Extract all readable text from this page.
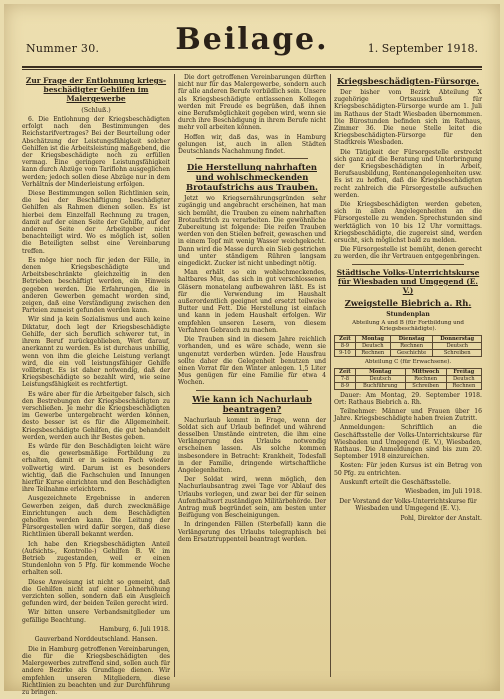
Nummer 30.	Beilage.	1. September 1918.
Zur Frage der Entlohnung kriegs-beschädigter Gehilfen im Malergewerbe
(Schluß.)

6. Die Entlohnung der Kriegsbeschädigten erfolgt nach den Bestimmungen des Reichstarifvertrages? Bei der Beurteilung oder Abschätzung der Leistungsfähigkeit solcher Gehilfen ist die Arbeitsleistung maßgebend, die der Kriegsbeschädigte noch zu erfüllen vermag. Eine geringere Leistungsfähigkeit kann durch Abzüge vom Tariflohn ausgeglichen werden; jedoch sollen diese Abzüge nur in dem Verhältnis der Minderleistung erfolgen.

Diese Bestimmungen sollen Richtlinien sein, die bei der Beschäftigung beschädigter Gehilfen als Rahmen dienen sollen. Es ist hierbei dem Einzelfall Rechnung zu tragen, damit auf der einen Seite der Gehilfe, auf der anderen Seite der Arbeitgeber nicht benachteiligt wird. Wo es möglich ist, sollen die Beteiligten selbst eine Vereinbarung treffen.

Es möge hier noch für jeden der Fälle, in denen Kriegsbeschädigte und Arbeitsbeschränkte gleichzeitig in den Betrieben beschäftigt werden, ein Hinweis gegeben werden. Die Erfahrungen, die in anderen Gewerben gemacht worden sind, zeigen, daß eine Verständigung zwischen den Parteien zumeist gefunden werden kann.

Wir sind ja kein Sozialismus und auch keine Diktatur, doch legt der Kriegsbeschädigte Gehilfe, der sich beruflich schwerer tut, in ihrem Beruf zurückgeblieben, Wert darauf, anerkannt zu werden. Es ist durchaus unbillig, wenn von ihm die gleiche Leistung verlangt wird, die ein voll leistungsfähiger Gehilfe vollbringt. Es ist daher notwendig, daß der Kriegsbeschädigte so bezahlt wird, wie seine Leistungsfähigkeit es rechtfertigt.

Es wäre aber für die Arbeitgeber falsch, sich den Bestrebungen der Kriegsbeschädigten zu verschließen. Je mehr die Kriegsbeschädigten im Gewerbe untergebracht werden können, desto besser ist es für die Allgemeinheit. Kriegsbeschädigte Gehilfen, die gut behandelt werden, werden auch ihr Bestes geben.

Es würde für den Beschädigten leicht wäre es, die gewerbsmäßige Fortbildung zu erhalten, damit er in seinem Fach wieder vollwertig wird. Darum ist es besonders wichtig, daß die Fachschulen und Innungen hierfür Kurse einrichten und den Beschädigten ihre Teilnahme erleichtern.

Ausgezeichnete Ergebnisse in anderen Gewerben zeigen, daß durch zweckmäßige Einrichtungen auch dem Beschädigten geholfen werden kann. Die Leitung der Fürsorgestellen wird dafür sorgen, daß diese Richtlinien überall bekannt werden.

Ich habe den Kriegsbeschädigten Anteil (Aufsichts-, Kontrolle-) Gehilfen B. W. im Betrieb zugestanden, weil er einen Stundenlohn von 5 Pfg. für kommende Woche erhalten soll.

Diese Anweisung ist nicht so gemeint, daß die Gehilfen nicht auf einer Lohnerhöhung verzichten sollen, sondern daß ein Ausgleich gefunden wird, der beiden Teilen gerecht wird.

Wir bitten unsere Verbandsmitglieder um gefällige Beachtung.

Hamburg, 6. Juli 1918.
Gauverband Norddeutschland. Hansen.

Die in Hamburg getroffenen Vereinbarungen, die für die Kriegsbeschädigten des Malergewerbes zutreffend sind, sollen auch für andere Bezirke als Grundlage dienen. Wir empfehlen unseren Mitgliedern, diese Richtlinien zu beachten und zur Durchführung zu bringen.

Die dort getroffenen Vereinbarungen dürften nicht nur für das Malergewerbe, sondern auch für alle anderen Berufe vorbildlich sein. Unsere als Kriegsbeschädigte entlassenen Kollegen werden mit Freude es begrüßen, daß ihnen eine Berufsmöglichkeit gegeben wird, wenn sie durch ihre Beschädigung in ihrem Berufe nicht mehr voll arbeiten können.

Hoffen wir, daß das, was in Hamburg gelungen ist, auch in allen Städten Deutschlands Nachahmung findet.

Die Herstellung nahrhaften und wohlschmeckenden Brotaufstrichs aus Trauben.

Jetzt wo Kriegsernährungsgründen sehr zugängig und angebracht erscheinen, hat man sich bemüht, die Trauben zu einem nahrhaften Brotaufstrich zu verarbeiten. Die gewöhnliche Zubereitung ist folgende: Die reifen Trauben werden von den Stielen befreit, gewaschen und in einem Topf mit wenig Wasser weichgekocht. Dann wird die Masse durch ein Sieb gestrichen und unter ständigem Rühren langsam eingedickt. Zucker ist nicht unbedingt nötig.

Man erhält so ein wohlschmeckendes, haltbares Mus, das sich in gut verschlossenen Gläsern monatelang aufbewahren läßt. Es ist für die Verwendung im Haushalt außerordentlich geeignet und ersetzt teilweise Butter und Fett. Die Herstellung ist einfach und kann in jedem Haushalt erfolgen. Wir empfehlen unseren Lesern, von diesem Verfahren Gebrauch zu machen.

Die Trauben sind in diesem Jahre reichlich vorhanden, und es wäre schade, wenn sie ungenutzt verderben würden. Jede Hausfrau sollte daher die Gelegenheit benutzen und einen Vorrat für den Winter anlegen. 1,5 Liter Mus genügen für eine Familie für etwa 4 Wochen.

Wie kann ich Nachurlaub beantragen?

Nachurlaub kommt in Frage, wenn der Soldat sich auf Urlaub befindet und während desselben Umstände eintreten, die ihm eine Verlängerung des Urlaubs notwendig erscheinen lassen. Als solche kommen insbesondere in Betracht: Krankheit, Todesfall in der Familie, dringende wirtschaftliche Angelegenheiten.

Der Soldat wird, wenn möglich, den Nachurlaubsantrag zwei Tage vor Ablauf des Urlaubs vorlegen, und zwar bei der für seinen Aufenthaltsort zuständigen Militärbehörde. Der Antrag muß begründet sein, am besten unter Beifügung von Bescheinigungen.

In dringenden Fällen (Sterbefall) kann die Verlängerung des Urlaubs telegraphisch bei dem Ersatztruppenteil beantragt werden.

Kriegsbeschädigten-Fürsorge.

Der bisher vom Bezirk Abteilung X zugehörige Ortsausschuß für Kriegsbeschädigten-Fürsorge wurde am 1. Juli im Rathaus der Stadt Wiesbaden übernommen. Die Bürostunden befinden sich im Rathaus, Zimmer 36. Die neue Stelle leitet die Kriegsbeschädigten-Fürsorge für den Stadtkreis Wiesbaden.

Die Tätigkeit der Fürsorgestelle erstreckt sich ganz auf die Beratung und Unterbringung der Kriegsbeschädigten in Arbeit, Berufsausbildung, Rentenangelegenheiten usw. Es ist zu hoffen, daß die Kriegsbeschädigten recht zahlreich die Fürsorgestelle aufsuchen werden.

Die Kriegsbeschädigten werden gebeten, sich in allen Angelegenheiten an die Fürsorgestelle zu wenden. Sprechstunden sind werktäglich von 10 bis 12 Uhr vormittags. Kriegsbeschädigte, die zugereist sind, werden ersucht, sich möglichst bald zu melden.

Die Fürsorgestelle ist bemüht, denen gerecht zu werden, die ihr Vertrauen entgegenbringen.

Städtische Volks-Unterrichtskurse für Wiesbaden und Umgegend (E. V.)
Zweigstelle Biebrich a. Rh.

Stundenplan

Abteilung A und B (für Fortbildung und Kriegsbeschädigte).

Zeit	Montag	Dienstag	Donnerstag
8-9	Deutsch	Rechnen	Deutsch
9-10	Rechnen	Geschichte	Schreiben

Abteilung C (für Erwachsene).

Zeit	Montag	Mittwoch	Freitag
7-8	Deutsch	Rechnen	Deutsch
8-9	Buchführung	Schreiben	Rechnen

Dauer: Am Montag, 29. September 1918. Ort: Rathaus Biebrich a. Rh.

Teilnehmer: Männer und Frauen über 16 Jahre. Kriegsbeschädigte haben freien Zutritt.

Anmeldungen: Schriftlich an die Geschäftsstelle der Volks-Unterrichtskurse für Wiesbaden und Umgegend (E. V.), Wiesbaden, Rathaus. Die Anmeldungen sind bis zum 20. September 1918 einzureichen.

Kosten: Für jeden Kursus ist ein Betrag von 50 Pfg. zu entrichten.

Auskunft erteilt die Geschäftsstelle.

Wiesbaden, im Juli 1918.
Der Vorstand der Volks-Unterrichtskurse für Wiesbaden und Umgegend (E. V.).
Pohl, Direktor der Anstalt.
